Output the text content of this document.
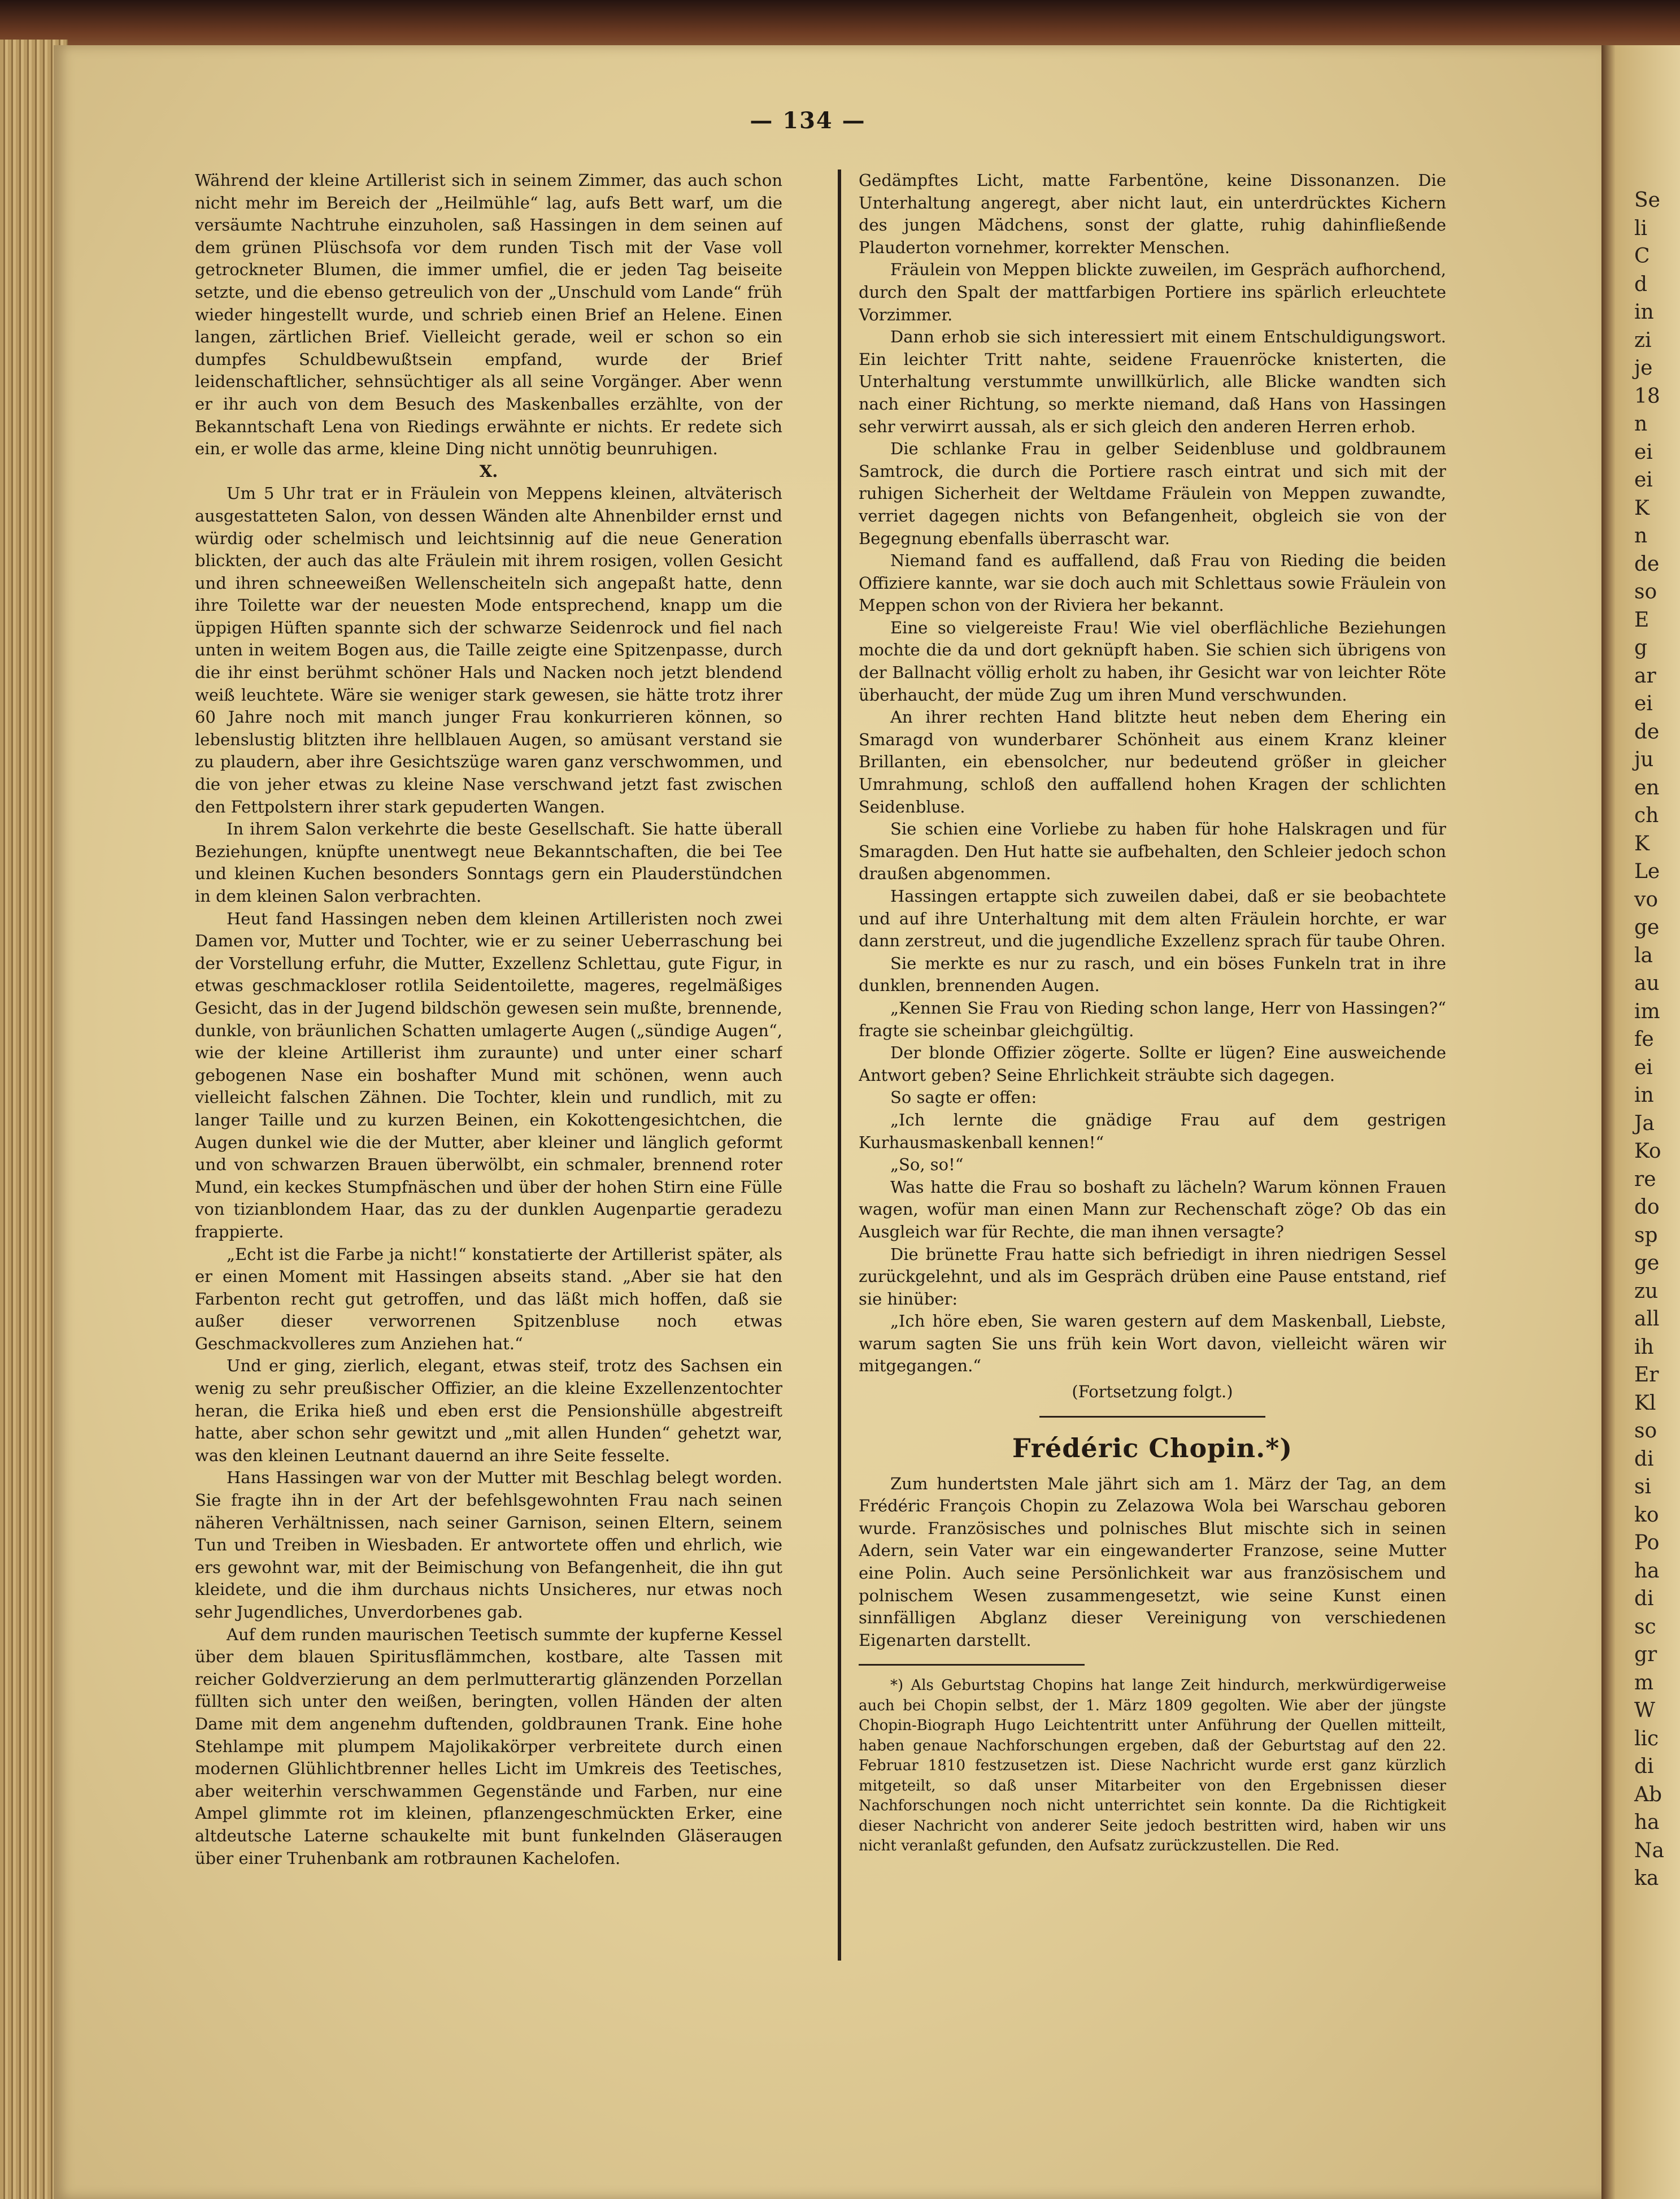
— 134 —

Während der kleine Artillerist sich in seinem Zimmer, das auch schon nicht mehr im Bereich der „Heilmühle“ lag, aufs Bett warf, um die versäumte Nachtruhe einzuholen, saß Hassingen in dem seinen auf dem grünen Plüschsofa vor dem runden Tisch mit der Vase voll getrockneter Blumen, die immer umfiel, die er jeden Tag beiseite setzte, und die ebenso getreulich von der „Unschuld vom Lande“ früh wieder hingestellt wurde, und schrieb einen Brief an Helene. Einen langen, zärtlichen Brief. Vielleicht gerade, weil er schon so ein dumpfes Schuldbewußtsein empfand, wurde der Brief leidenschaftlicher, sehnsüchtiger als all seine Vorgänger. Aber wenn er ihr auch von dem Besuch des Maskenballes erzählte, von der Bekanntschaft Lena von Riedings erwähnte er nichts. Er redete sich ein, er wolle das arme, kleine Ding nicht unnötig beunruhigen.

X.

Um 5 Uhr trat er in Fräulein von Meppens kleinen, altväterisch ausgestatteten Salon, von dessen Wänden alte Ahnenbilder ernst und würdig oder schelmisch und leichtsinnig auf die neue Generation blickten, der auch das alte Fräulein mit ihrem rosigen, vollen Gesicht und ihren schneeweißen Wellenscheiteln sich angepaßt hatte, denn ihre Toilette war der neuesten Mode entsprechend, knapp um die üppigen Hüften spannte sich der schwarze Seidenrock und fiel nach unten in weitem Bogen aus, die Taille zeigte eine Spitzenpasse, durch die ihr einst berühmt schöner Hals und Nacken noch jetzt blendend weiß leuchtete. Wäre sie weniger stark gewesen, sie hätte trotz ihrer 60 Jahre noch mit manch junger Frau konkurrieren können, so lebenslustig blitzten ihre hellblauen Augen, so amüsant verstand sie zu plaudern, aber ihre Gesichtszüge waren ganz verschwommen, und die von jeher etwas zu kleine Nase verschwand jetzt fast zwischen den Fettpolstern ihrer stark gepuderten Wangen.

In ihrem Salon verkehrte die beste Gesellschaft. Sie hatte überall Beziehungen, knüpfte unentwegt neue Bekanntschaften, die bei Tee und kleinen Kuchen besonders Sonntags gern ein Plauderstündchen in dem kleinen Salon verbrachten.

Heut fand Hassingen neben dem kleinen Artilleristen noch zwei Damen vor, Mutter und Tochter, wie er zu seiner Ueberraschung bei der Vorstellung erfuhr, die Mutter, Exzellenz Schlettau, gute Figur, in etwas geschmackloser rotlila Seidentoilette, mageres, regelmäßiges Gesicht, das in der Jugend bildschön gewesen sein mußte, brennende, dunkle, von bräunlichen Schatten umlagerte Augen („sündige Augen“, wie der kleine Artillerist ihm zuraunte) und unter einer scharf gebogenen Nase ein boshafter Mund mit schönen, wenn auch vielleicht falschen Zähnen. Die Tochter, klein und rundlich, mit zu langer Taille und zu kurzen Beinen, ein Kokottengesichtchen, die Augen dunkel wie die der Mutter, aber kleiner und länglich geformt und von schwarzen Brauen überwölbt, ein schmaler, brennend roter Mund, ein keckes Stumpfnäschen und über der hohen Stirn eine Fülle von tizianblondem Haar, das zu der dunklen Augenpartie geradezu frappierte.

„Echt ist die Farbe ja nicht!“ konstatierte der Artillerist später, als er einen Moment mit Hassingen abseits stand. „Aber sie hat den Farbenton recht gut getroffen, und das läßt mich hoffen, daß sie außer dieser verworrenen Spitzenbluse noch etwas Geschmackvolleres zum Anziehen hat.“

Und er ging, zierlich, elegant, etwas steif, trotz des Sachsen ein wenig zu sehr preußischer Offizier, an die kleine Exzellenzentochter heran, die Erika hieß und eben erst die Pensionshülle abgestreift hatte, aber schon sehr gewitzt und „mit allen Hunden“ gehetzt war, was den kleinen Leutnant dauernd an ihre Seite fesselte.

Hans Hassingen war von der Mutter mit Beschlag belegt worden. Sie fragte ihn in der Art der befehlsgewohnten Frau nach seinen näheren Verhältnissen, nach seiner Garnison, seinen Eltern, seinem Tun und Treiben in Wiesbaden. Er antwortete offen und ehrlich, wie ers gewohnt war, mit der Beimischung von Befangenheit, die ihn gut kleidete, und die ihm durchaus nichts Unsicheres, nur etwas noch sehr Jugendliches, Unverdorbenes gab.

Auf dem runden maurischen Teetisch summte der kupferne Kessel über dem blauen Spiritusflämmchen, kostbare, alte Tassen mit reicher Goldverzierung an dem perlmutterartig glänzenden Porzellan füllten sich unter den weißen, beringten, vollen Händen der alten Dame mit dem angenehm duftenden, goldbraunen Trank. Eine hohe Stehlampe mit plumpem Majolikakörper verbreitete durch einen modernen Glühlichtbrenner helles Licht im Umkreis des Teetisches, aber weiterhin verschwammen Gegenstände und Farben, nur eine Ampel glimmte rot im kleinen, pflanzengeschmückten Erker, eine altdeutsche Laterne schaukelte mit bunt funkelnden Gläseraugen über einer Truhenbank am rotbraunen Kachelofen.

Gedämpftes Licht, matte Farbentöne, keine Dissonanzen. Die Unterhaltung angeregt, aber nicht laut, ein unterdrücktes Kichern des jungen Mädchens, sonst der glatte, ruhig dahinfließende Plauderton vornehmer, korrekter Menschen.

Fräulein von Meppen blickte zuweilen, im Gespräch aufhorchend, durch den Spalt der mattfarbigen Portiere ins spärlich erleuchtete Vorzimmer.

Dann erhob sie sich interessiert mit einem Entschuldigungswort. Ein leichter Tritt nahte, seidene Frauenröcke knisterten, die Unterhaltung verstummte unwillkürlich, alle Blicke wandten sich nach einer Richtung, so merkte niemand, daß Hans von Hassingen sehr verwirrt aussah, als er sich gleich den anderen Herren erhob.

Die schlanke Frau in gelber Seidenbluse und goldbraunem Samtrock, die durch die Portiere rasch eintrat und sich mit der ruhigen Sicherheit der Weltdame Fräulein von Meppen zuwandte, verriet dagegen nichts von Befangenheit, obgleich sie von der Begegnung ebenfalls überrascht war.

Niemand fand es auffallend, daß Frau von Rieding die beiden Offiziere kannte, war sie doch auch mit Schlettaus sowie Fräulein von Meppen schon von der Riviera her bekannt.

Eine so vielgereiste Frau! Wie viel oberflächliche Beziehungen mochte die da und dort geknüpft haben. Sie schien sich übrigens von der Ballnacht völlig erholt zu haben, ihr Gesicht war von leichter Röte überhaucht, der müde Zug um ihren Mund verschwunden.

An ihrer rechten Hand blitzte heut neben dem Ehering ein Smaragd von wunderbarer Schönheit aus einem Kranz kleiner Brillanten, ein ebensolcher, nur bedeutend größer in gleicher Umrahmung, schloß den auffallend hohen Kragen der schlichten Seidenbluse.

Sie schien eine Vorliebe zu haben für hohe Halskragen und für Smaragden. Den Hut hatte sie aufbehalten, den Schleier jedoch schon draußen abgenommen.

Hassingen ertappte sich zuweilen dabei, daß er sie beobachtete und auf ihre Unterhaltung mit dem alten Fräulein horchte, er war dann zerstreut, und die jugendliche Exzellenz sprach für taube Ohren.

Sie merkte es nur zu rasch, und ein böses Funkeln trat in ihre dunklen, brennenden Augen.

„Kennen Sie Frau von Rieding schon lange, Herr von Hassingen?“ fragte sie scheinbar gleichgültig.

Der blonde Offizier zögerte. Sollte er lügen? Eine ausweichende Antwort geben? Seine Ehrlichkeit sträubte sich dagegen.

So sagte er offen:

„Ich lernte die gnädige Frau auf dem gestrigen Kurhausmaskenball kennen!“

„So, so!“

Was hatte die Frau so boshaft zu lächeln? Warum können Frauen wagen, wofür man einen Mann zur Rechenschaft zöge? Ob das ein Ausgleich war für Rechte, die man ihnen versagte?

Die brünette Frau hatte sich befriedigt in ihren niedrigen Sessel zurückgelehnt, und als im Gespräch drüben eine Pause entstand, rief sie hinüber:

„Ich höre eben, Sie waren gestern auf dem Maskenball, Liebste, warum sagten Sie uns früh kein Wort davon, vielleicht wären wir mitgegangen.“

(Fortsetzung folgt.)

Frédéric Chopin.*)

Zum hundertsten Male jährt sich am 1. März der Tag, an dem Frédéric François Chopin zu Zelazowa Wola bei Warschau geboren wurde. Französisches und polnisches Blut mischte sich in seinen Adern, sein Vater war ein eingewanderter Franzose, seine Mutter eine Polin. Auch seine Persönlichkeit war aus französischem und polnischem Wesen zusammengesetzt, wie seine Kunst einen sinnfälligen Abglanz dieser Vereinigung von verschiedenen Eigenarten darstellt.

*) Als Geburtstag Chopins hat lange Zeit hindurch, merkwürdigerweise auch bei Chopin selbst, der 1. März 1809 gegolten. Wie aber der jüngste Chopin-Biograph Hugo Leichtentritt unter Anführung der Quellen mitteilt, haben genaue Nachforschungen ergeben, daß der Geburtstag auf den 22. Februar 1810 festzusetzen ist. Diese Nachricht wurde erst ganz kürzlich mitgeteilt, so daß unser Mitarbeiter von den Ergebnissen dieser Nachforschungen noch nicht unterrichtet sein konnte. Da die Richtigkeit dieser Nachricht von anderer Seite jedoch bestritten wird, haben wir uns nicht veranlaßt gefunden, den Aufsatz zurückzustellen. Die Red.

Se
li
C
d
in
zi
je
18
n
ei
ei
K
n
de
so
E
g
ar
ei
de
ju
en
ch
K
Le
vo
ge
la
au
im
fe
ei
in
Ja
Ko
re
do
sp
ge
zu
all
ih
Er
Kl
so
di
si
ko
Po
ha
di
sc
gr
m
W
lic
di
Ab
ha
Na
ka
